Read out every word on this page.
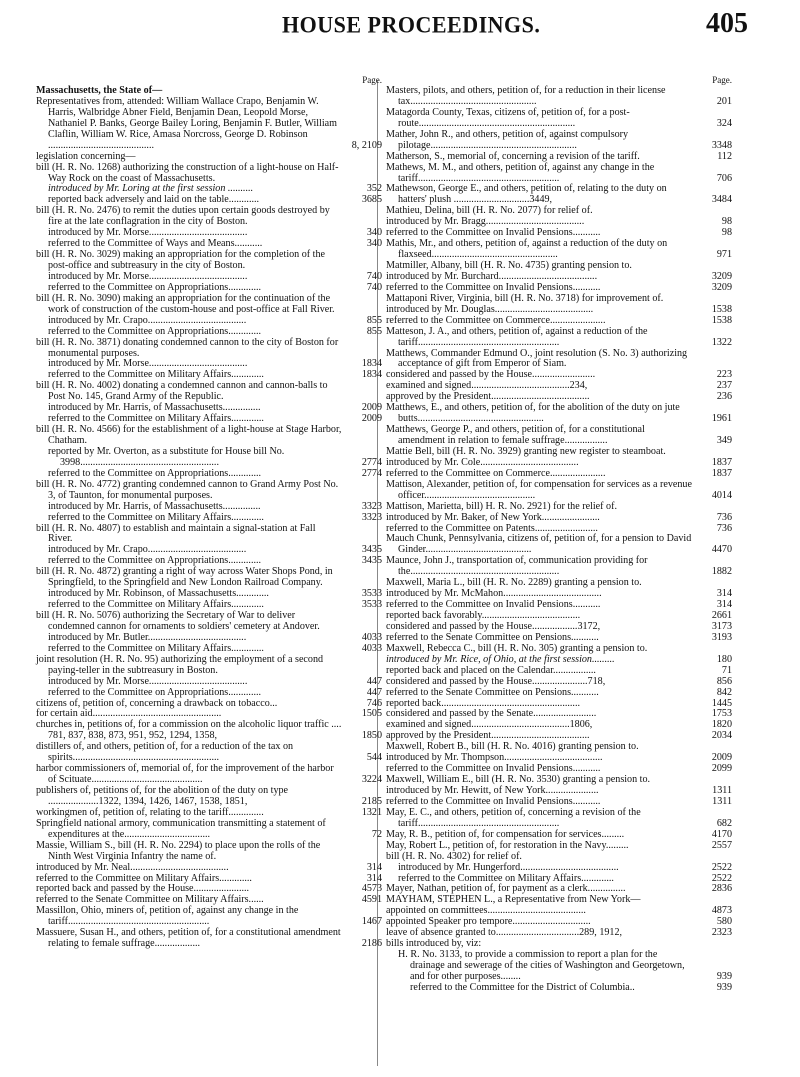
HOUSE PROCEEDINGS.	405
Page.
Massachusetts, the State of—
Representatives from, attended: William Wallace Crapo, Benjamin W. Harris, Walbridge Abner Field, Benjamin Dean, Leopold Morse, Nathaniel P. Banks, George Bailey Loring, Benjamin F. Butler, William Claflin, William W. Rice, Amasa Norcross, George D. Robinson ..........................................	8, 2109
legislation concerning—
bill (H. R. No. 1268) authorizing the construction of a light-house on Half-Way Rock on the coast of Massachusetts.
introduced by Mr. Loring at the first session ..........	352
reported back adversely and laid on the table............	3685
bill (H. R. No. 2476) to remit the duties upon certain goods destroyed by fire at the late conflagration in the city of Boston.
introduced by Mr. Morse.......................................	340
referred to the Committee of Ways and Means...........	340
bill (H. R. No. 3029) making an appropriation for the completion of the post-office and subtreasury in the city of Boston.
introduced by Mr. Morse.......................................	740
referred to the Committee on Appropriations.............	740
bill (H. R. No. 3090) making an appropriation for the continuation of the work of construction of the custom-house and post-office at Fall River.
introduced by Mr. Crapo.......................................	855
referred to the Committee on Appropriations.............	855
bill (H. R. No. 3871) donating condemned cannon to the city of Boston for monumental purposes.
introduced by Mr. Morse.......................................	1834
referred to the Committee on Military Affairs.............	1834
bill (H. R. No. 4002) donating a condemned cannon and cannon-balls to Post No. 145, Grand Army of the Republic.
introduced by Mr. Harris, of Massachusetts...............	2009
referred to the Committee on Military Affairs.............	2009
bill (H. R. No. 4566) for the establishment of a light-house at Stage Harbor, Chatham.
reported by Mr. Overton, as a substitute for House bill No. 3998.......................................................	2774
referred to the Committee on Appropriations.............	2774
bill (H. R. No. 4772) granting condemned cannon to Grand Army Post No. 3, of Taunton, for monumental purposes.
introduced by Mr. Harris, of Massachusetts...............	3323
referred to the Committee on Military Affairs.............	3323
bill (H. R. No. 4807) to establish and maintain a signal-station at Fall River.
introduced by Mr. Crapo.......................................	3435
referred to the Committee on Appropriations.............	3435
bill (H. R. No. 4872) granting a right of way across Water Shops Pond, in Springfield, to the Springfield and New London Railroad Company.
introduced by Mr. Robinson, of Massachusetts.............	3533
referred to the Committee on Military Affairs.............	3533
bill (H. R. No. 5076) authorizing the Secretary of War to deliver condemned cannon for ornaments to soldiers' cemetery at Andover.
introduced by Mr. Butler.......................................	4033
referred to the Committee on Military Affairs.............	4033
joint resolution (H. R. No. 95) authorizing the employment of a second paying-teller in the subtreasury in Boston.
introduced by Mr. Morse.......................................	447
referred to the Committee on Appropriations.............	447
citizens of, petition of, concerning a drawback on tobacco...	746
for certain aid...................................................	1505
churches in, petitions of, for a commission on the alcoholic liquor traffic .... 781, 837, 838, 873, 951, 952, 1294, 1358,	1850
distillers of, and others, petition of, for a reduction of the tax on spirits..........................................................	544
harbor commissioners of, memorial of, for the improvement of the harbor of Scituate............................................	3224
publishers of, petitions of, for the abolition of the duty on type ....................1322, 1394, 1426, 1467, 1538, 1851,	2185
workingmen of, petition of, relating to the tariff..............	1321
Springfield national armory, communication transmitting a statement of expenditures at the..................................	72
Massie, William S., bill (H. R. No. 2294) to place upon the rolls of the Ninth West Virginia Infantry the name of.
introduced by Mr. Neal.......................................	314
referred to the Committee on Military Affairs.............	314
reported back and passed by the House......................	4573
referred to the Senate Committee on Military Affairs......	4591
Massillon, Ohio, miners of, petition of, against any change in the tariff........................................................	1467
Massuere, Susan H., and others, petition of, for a constitutional amendment relating to female suffrage..................	2186
Page.
Masters, pilots, and others, petition of, for a reduction in their license tax..................................................	201
Matagorda County, Texas, citizens of, petition of, for a post-route..............................................................	324
Mather, John R., and others, petition of, against compulsory pilotage..........................................................	3348
Matherson, S., memorial of, concerning a revision of the tariff.	112
Mathews, M. M., and others, petition of, against any change in the tariff........................................................	706
Mathewson, George E., and others, petition of, relating to the duty on hatters' plush ..............................3449,	3484
Mathieu, Delina, bill (H. R. No. 2077) for relief of.
introduced by Mr. Bragg.......................................	98
referred to the Committee on Invalid Pensions...........	98
Mathis, Mr., and others, petition of, against a reduction of the duty on flaxseed..................................................	971
Matmiller, Albany, bill (H. R. No. 4735) granting pension to.
introduced by Mr. Burchard.......................................	3209
referred to the Committee on Invalid Pensions...........	3209
Mattaponi River, Virginia, bill (H. R. No. 3718) for improvement of.
introduced by Mr. Douglas.......................................	1538
referred to the Committee on Commerce......................	1538
Matteson, J. A., and others, petition of, against a reduction of the tariff........................................................	1322
Matthews, Commander Edmund O., joint resolution (S. No. 3) authorizing acceptance of gift from Emperor of Siam.
considered and passed by the House.........................	223
examined and signed.......................................234,	237
approved by the President.......................................	236
Matthews, E., and others, petition of, for the abolition of the duty on jute butts..................................................	1961
Matthews, George P., and others, petition of, for a constitutional amendment in relation to female suffrage.................	349
Mattie Bell, bill (H. R. No. 3929) granting new register to steamboat.
introduced by Mr. Cole.......................................	1837
referred to the Committee on Commerce......................	1837
Mattison, Alexander, petition of, for compensation for services as a revenue officer............................................	4014
Mattison, Marietta, bill) H. R. No. 2921) for the relief of.
introduced by Mr. Baker, of New York.......................	736
referred to the Committee on Patents.........................	736
Mauch Chunk, Pennsylvania, citizens of, petition of, for a pension to David Ginder..........................................	4470
Maunce, John J., transportation of, communication providing for the...........................................................	1882
Maxwell, Maria L., bill (H. R. No. 2289) granting a pension to.
introduced by Mr. McMahon.......................................	314
referred to the Committee on Invalid Pensions...........	314
reported back favorably.......................................	2661
considered and passed by the House..................3172,	3173
referred to the Senate Committee on Pensions...........	3193
Maxwell, Rebecca C., bill (H. R. No. 305) granting a pension to.
introduced by Mr. Rice, of Ohio, at the first session.........	180
reported back and placed on the Calendar.................	71
considered and passed by the House......................718,	856
referred to the Senate Committee on Pensions...........	842
reported back.......................................................	1445
considered and passed by the Senate.........................	1753
examined and signed.......................................1806,	1820
approved by the President.......................................	2034
Maxwell, Robert B., bill (H. R. No. 4016) granting pension to.
introduced by Mr. Thompson.......................................	2009
referred to the Committee on Invalid Pensions...........	2099
Maxwell, William E., bill (H. R. No. 3530) granting a pension to.
introduced by Mr. Hewitt, of New York.....................	1311
referred to the Committee on Invalid Pensions...........	1311
May, E. C., and others, petition of, concerning a revision of the tariff........................................................	682
May, R. B., petition of, for compensation for services.........	4170
May, Robert L., petition of, for restoration in the Navy.........	2557
bill (H. R. No. 4302) for relief of.
introduced by Mr. Hungerford.......................................	2522
referred to the Committee on Military Affairs.............	2522
Mayer, Nathan, petition of, for payment as a clerk...............	2836
MAYHAM, STEPHEN L., a Representative from New York—
appointed on committees.......................................	4873
appointed Speaker pro tempore...............................	580
leave of absence granted to.................................289, 1912,	2323
bills introduced by, viz:
H. R. No. 3133, to provide a commission to report a plan for the drainage and sewerage of the cities of Washington and Georgetown, and for other purposes........	939
referred to the Committee for the District of Columbia..	939
